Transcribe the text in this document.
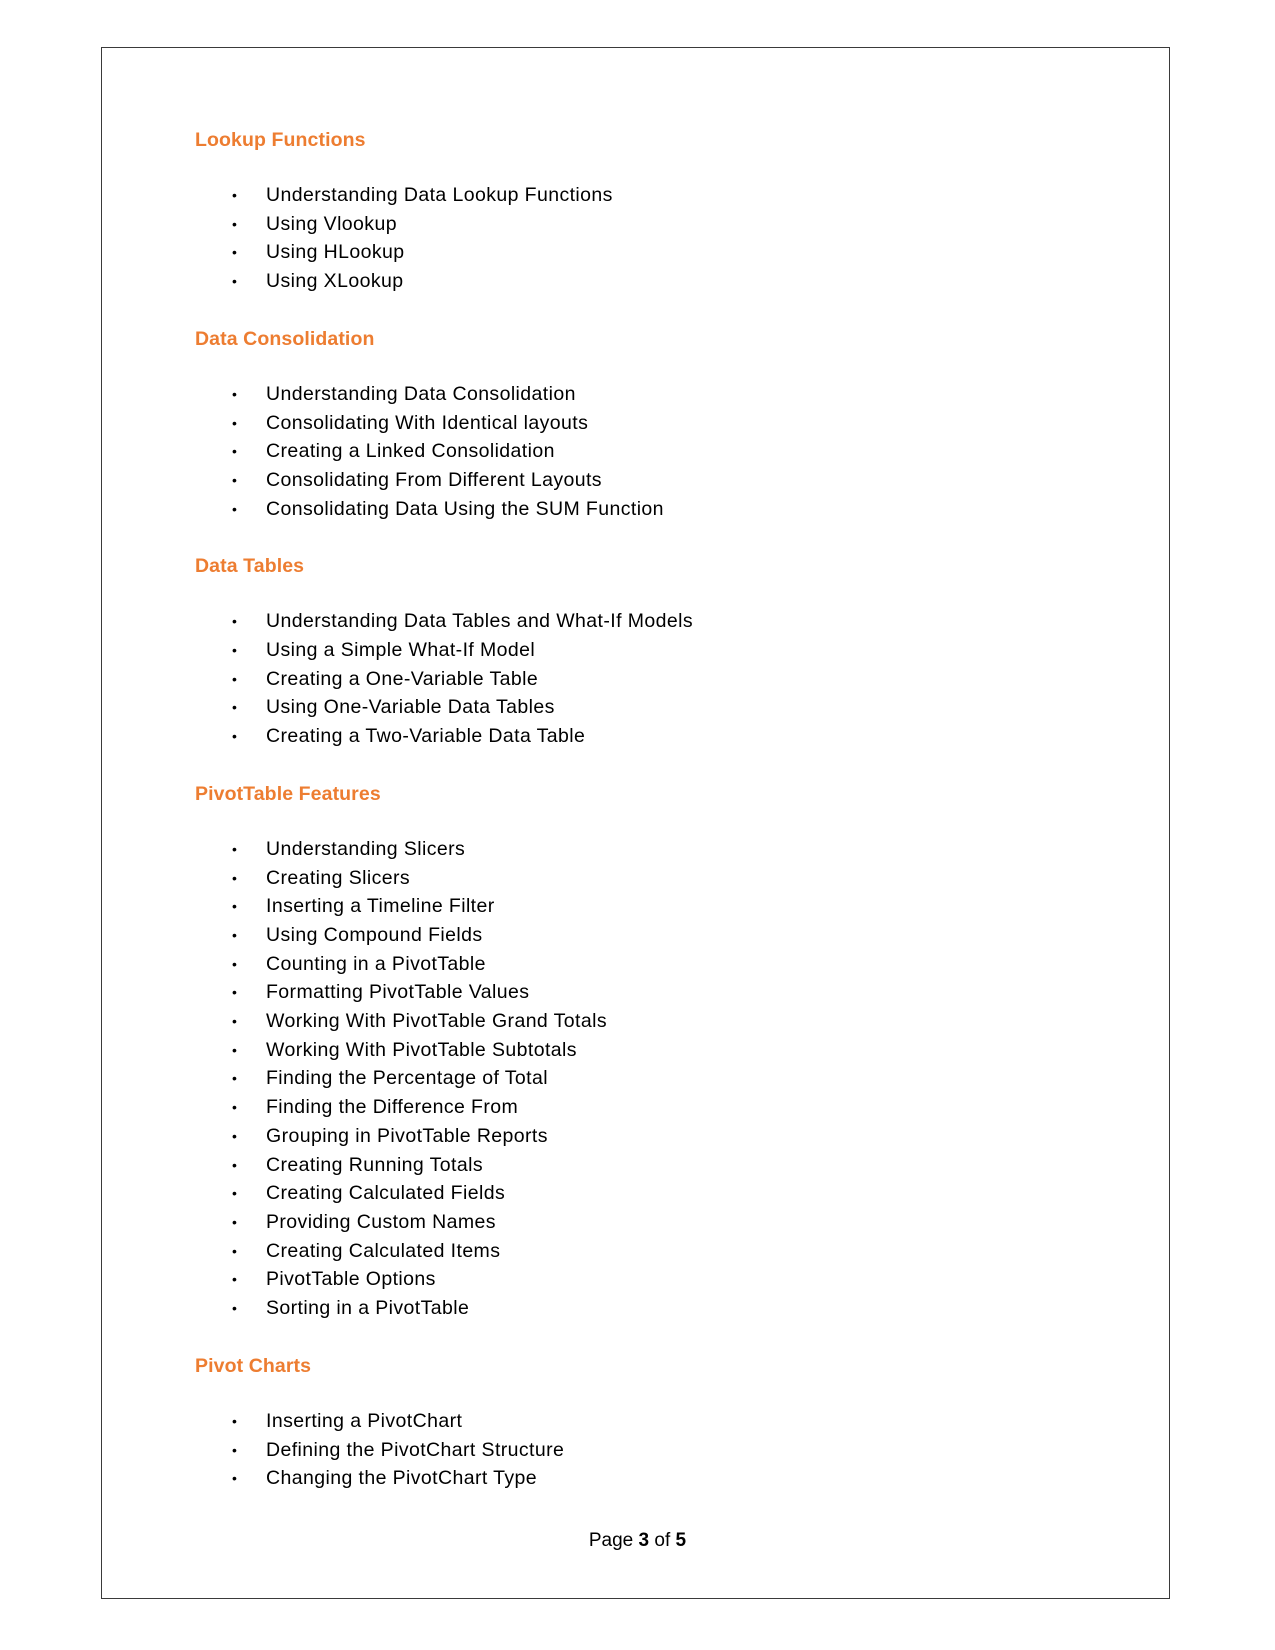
Lookup Functions
• Understanding Data Lookup Functions
• Using Vlookup
• Using HLookup
• Using XLookup
Data Consolidation
• Understanding Data Consolidation
• Consolidating With Identical layouts
• Creating a Linked Consolidation
• Consolidating From Different Layouts
• Consolidating Data Using the SUM Function
Data Tables
• Understanding Data Tables and What-If Models
• Using a Simple What-If Model
• Creating a One-Variable Table
• Using One-Variable Data Tables
• Creating a Two-Variable Data Table
PivotTable Features
• Understanding Slicers
• Creating Slicers
• Inserting a Timeline Filter
• Using Compound Fields
• Counting in a PivotTable
• Formatting PivotTable Values
• Working With PivotTable Grand Totals
• Working With PivotTable Subtotals
• Finding the Percentage of Total
• Finding the Difference From
• Grouping in PivotTable Reports
• Creating Running Totals
• Creating Calculated Fields
• Providing Custom Names
• Creating Calculated Items
• PivotTable Options
• Sorting in a PivotTable
Pivot Charts
• Inserting a PivotChart
• Defining the PivotChart Structure
• Changing the PivotChart Type
Page 3 of 5
